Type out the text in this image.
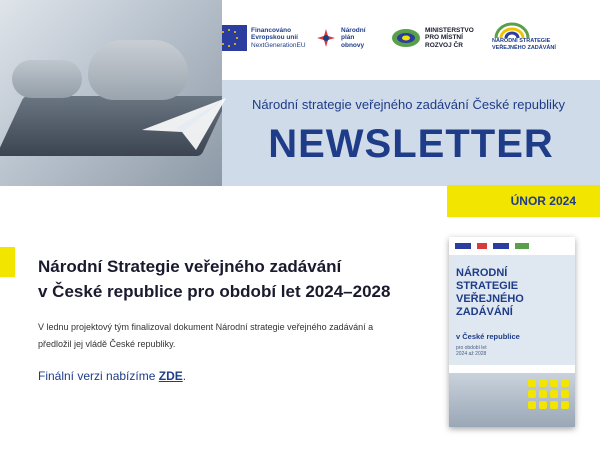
Financováno
Evropskou unií
NextGenerationEU
Národní
plán
obnovy
MINISTERSTVO
PRO MÍSTNÍ
ROZVOJ ČR
NÁRODNÍ STRATEGIE
VEŘEJNÉHO ZADÁVÁNÍ
Národní strategie veřejného zadávání České republiky
NEWSLETTER
ÚNOR 2024
Národní Strategie veřejného zadávání
v České republice pro období let 2024–2028
V lednu projektový tým finalizoval dokument Národní strategie veřejného zadávání a předložil jej vládě České republiky.
Finální verzi nabízíme ZDE.
NÁRODNÍ
STRATEGIE
VEŘEJNÉHO
ZADÁVÁNÍ
v České republice
pro období let
2024 až 2028
